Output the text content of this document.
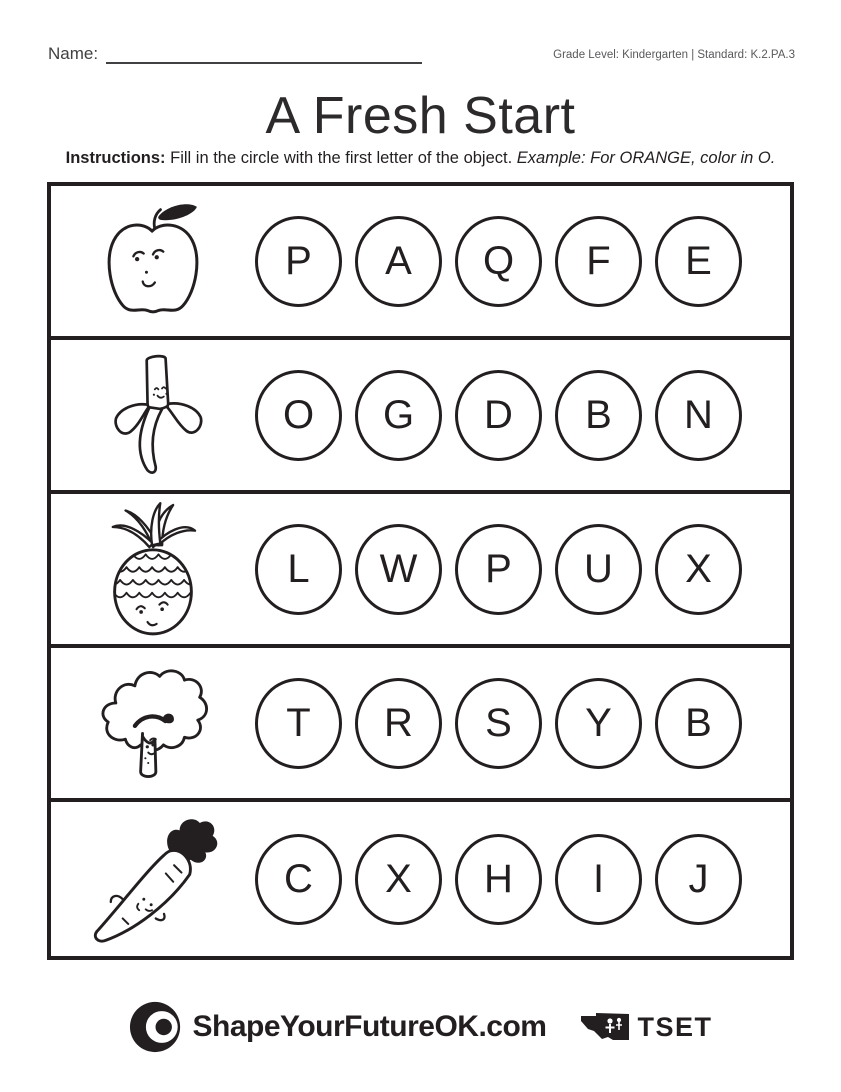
Name:	Grade Level: Kindergarten | Standard: K.2.PA.3
A Fresh Start

Instructions: Fill in the circle with the first letter of the object. Example: For ORANGE, color in O.

P	A	Q	F	E
O	G	D	B	N
L	W	P	U	X
T	R	S	Y	B
C	X	H	I	J
ShapeYourFutureOK.com	TSET
